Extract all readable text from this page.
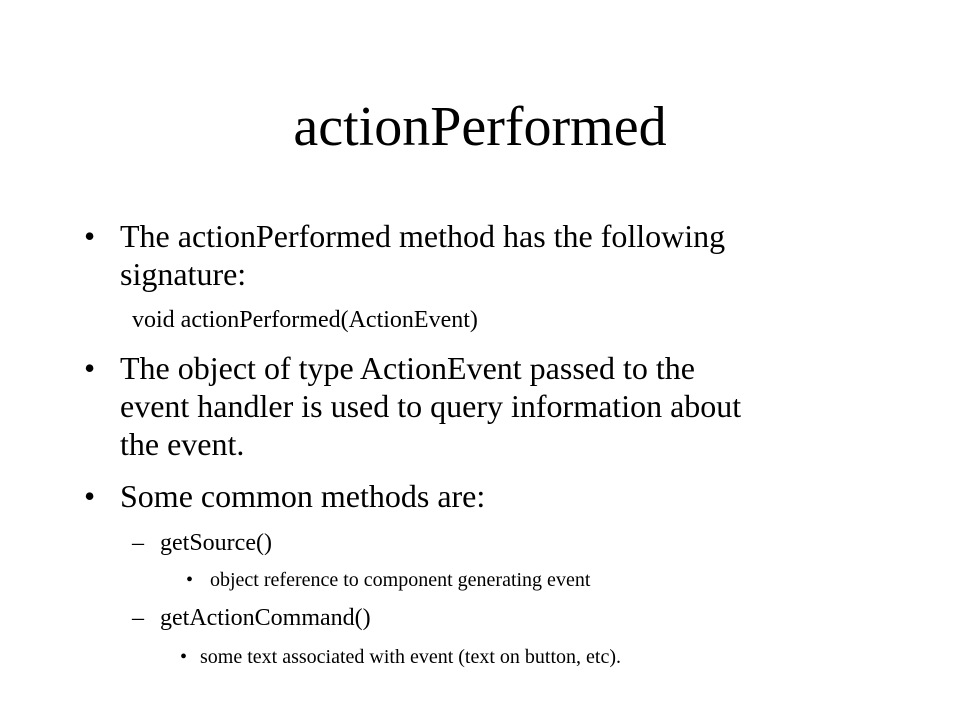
actionPerformed
• The actionPerformed method has the following
signature:
void actionPerformed(ActionEvent)
• The object of type ActionEvent passed to the
event handler is used to query information about
the event.
• Some common methods are:
– getSource()
• object reference to component generating event
– getActionCommand()
• some text associated with event (text on button, etc).
